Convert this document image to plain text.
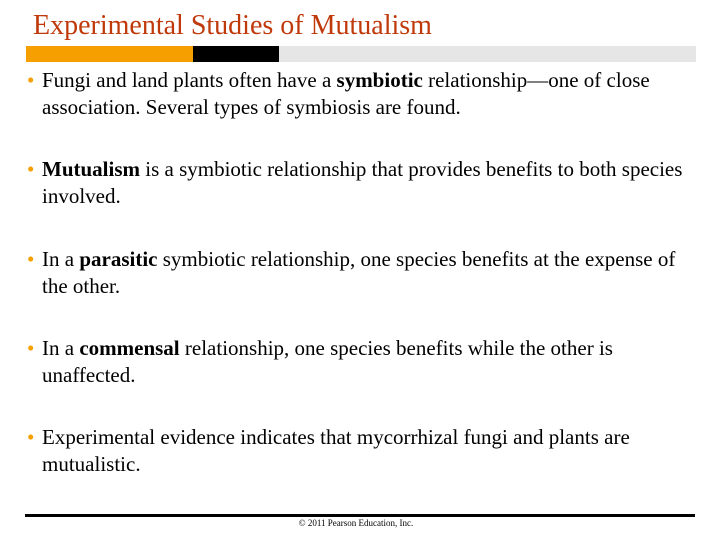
Experimental Studies of Mutualism

• Fungi and land plants often have a symbiotic relationship—one of close association. Several types of symbiosis are found.

• Mutualism is a symbiotic relationship that provides benefits to both species involved.

• In a parasitic symbiotic relationship, one species benefits at the expense of the other.

• In a commensal relationship, one species benefits while the other is unaffected.

• Experimental evidence indicates that mycorrhizal fungi and plants are mutualistic.

© 2011 Pearson Education, Inc.
